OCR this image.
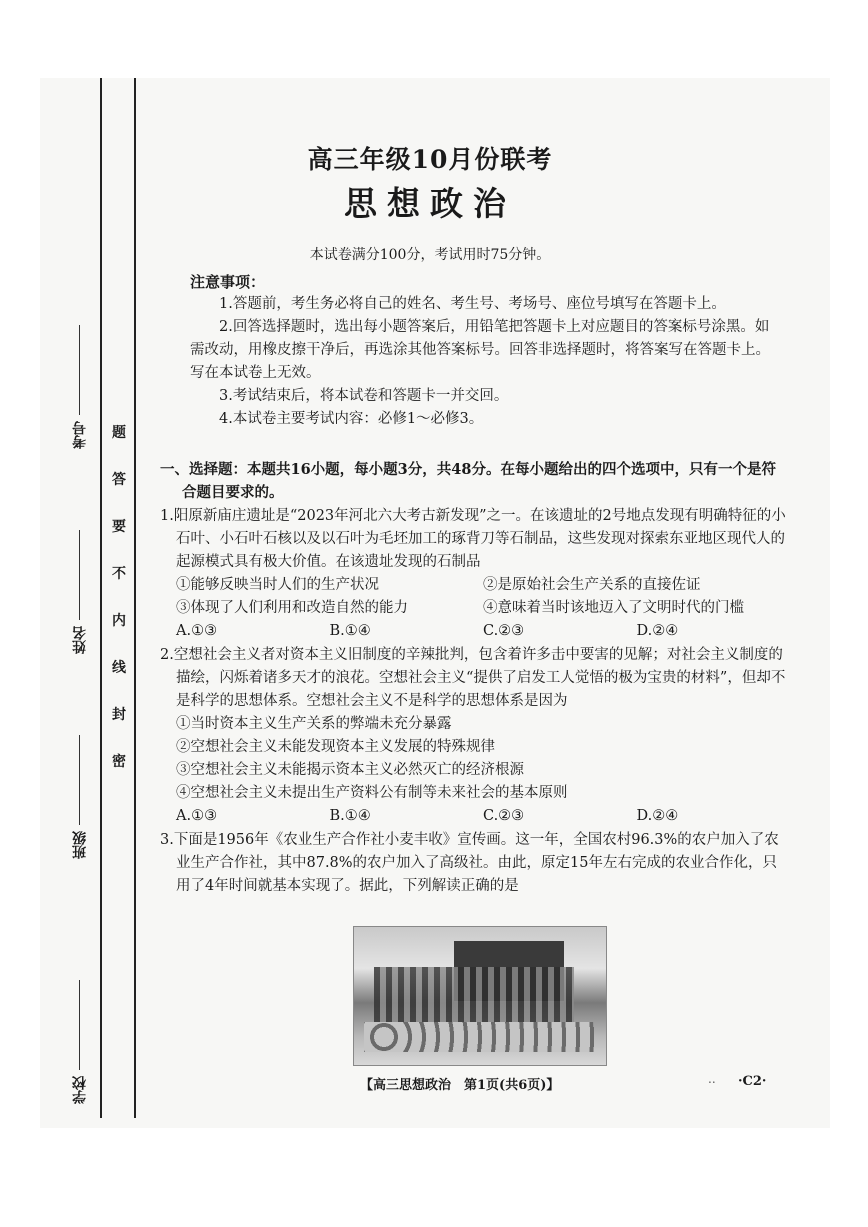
考号
姓名
班级
学校
题
答
要
不
内
线
封
密
高三年级10月份联考
思想政治
本试卷满分100分，考试用时75分钟。
注意事项：

1.答题前，考生务必将自己的姓名、考生号、考场号、座位号填写在答题卡上。

2.回答选择题时，选出每小题答案后，用铅笔把答题卡上对应题目的答案标号涂黑。如需改动，用橡皮擦干净后，再选涂其他答案标号。回答非选择题时，将答案写在答题卡上。写在本试卷上无效。

3.考试结束后，将本试卷和答题卡一并交回。

4.本试卷主要考试内容：必修1～必修3。

一、选择题：本题共16小题，每小题3分，共48分。在每小题给出的四个选项中，只有一个是符
合题目要求的。
1.阳原新庙庄遗址是“2023年河北六大考古新发现”之一。在该遗址的2号地点发现有明确特征的小石叶、小石叶石核以及以石叶为毛坯加工的琢背刀等石制品，这些发现对探索东亚地区现代人的起源模式具有极大价值。在该遗址发现的石制品
①能够反映当时人们的生产状况	②是原始社会生产关系的直接佐证
③体现了人们利用和改造自然的能力	④意味着当时该地迈入了文明时代的门槛
A.①③	B.①④	C.②③	D.②④
2.空想社会主义者对资本主义旧制度的辛辣批判，包含着许多击中要害的见解；对社会主义制度的描绘，闪烁着诸多天才的浪花。空想社会主义“提供了启发工人觉悟的极为宝贵的材料”，但却不是科学的思想体系。空想社会主义不是科学的思想体系是因为
①当时资本主义生产关系的弊端未充分暴露
②空想社会主义未能发现资本主义发展的特殊规律
③空想社会主义未能揭示资本主义必然灭亡的经济根源
④空想社会主义未提出生产资料公有制等未来社会的基本原则
A.①③	B.①④	C.②③	D.②④
3.下面是1956年《农业生产合作社小麦丰收》宣传画。这一年，全国农村96.3%的农户加入了农业生产合作社，其中87.8%的农户加入了高级社。由此，原定15年左右完成的农业合作化，只用了4年时间就基本实现了。据此，下列解读正确的是
【高三思想政治　第1页(共6页)】	.. ·C2·
